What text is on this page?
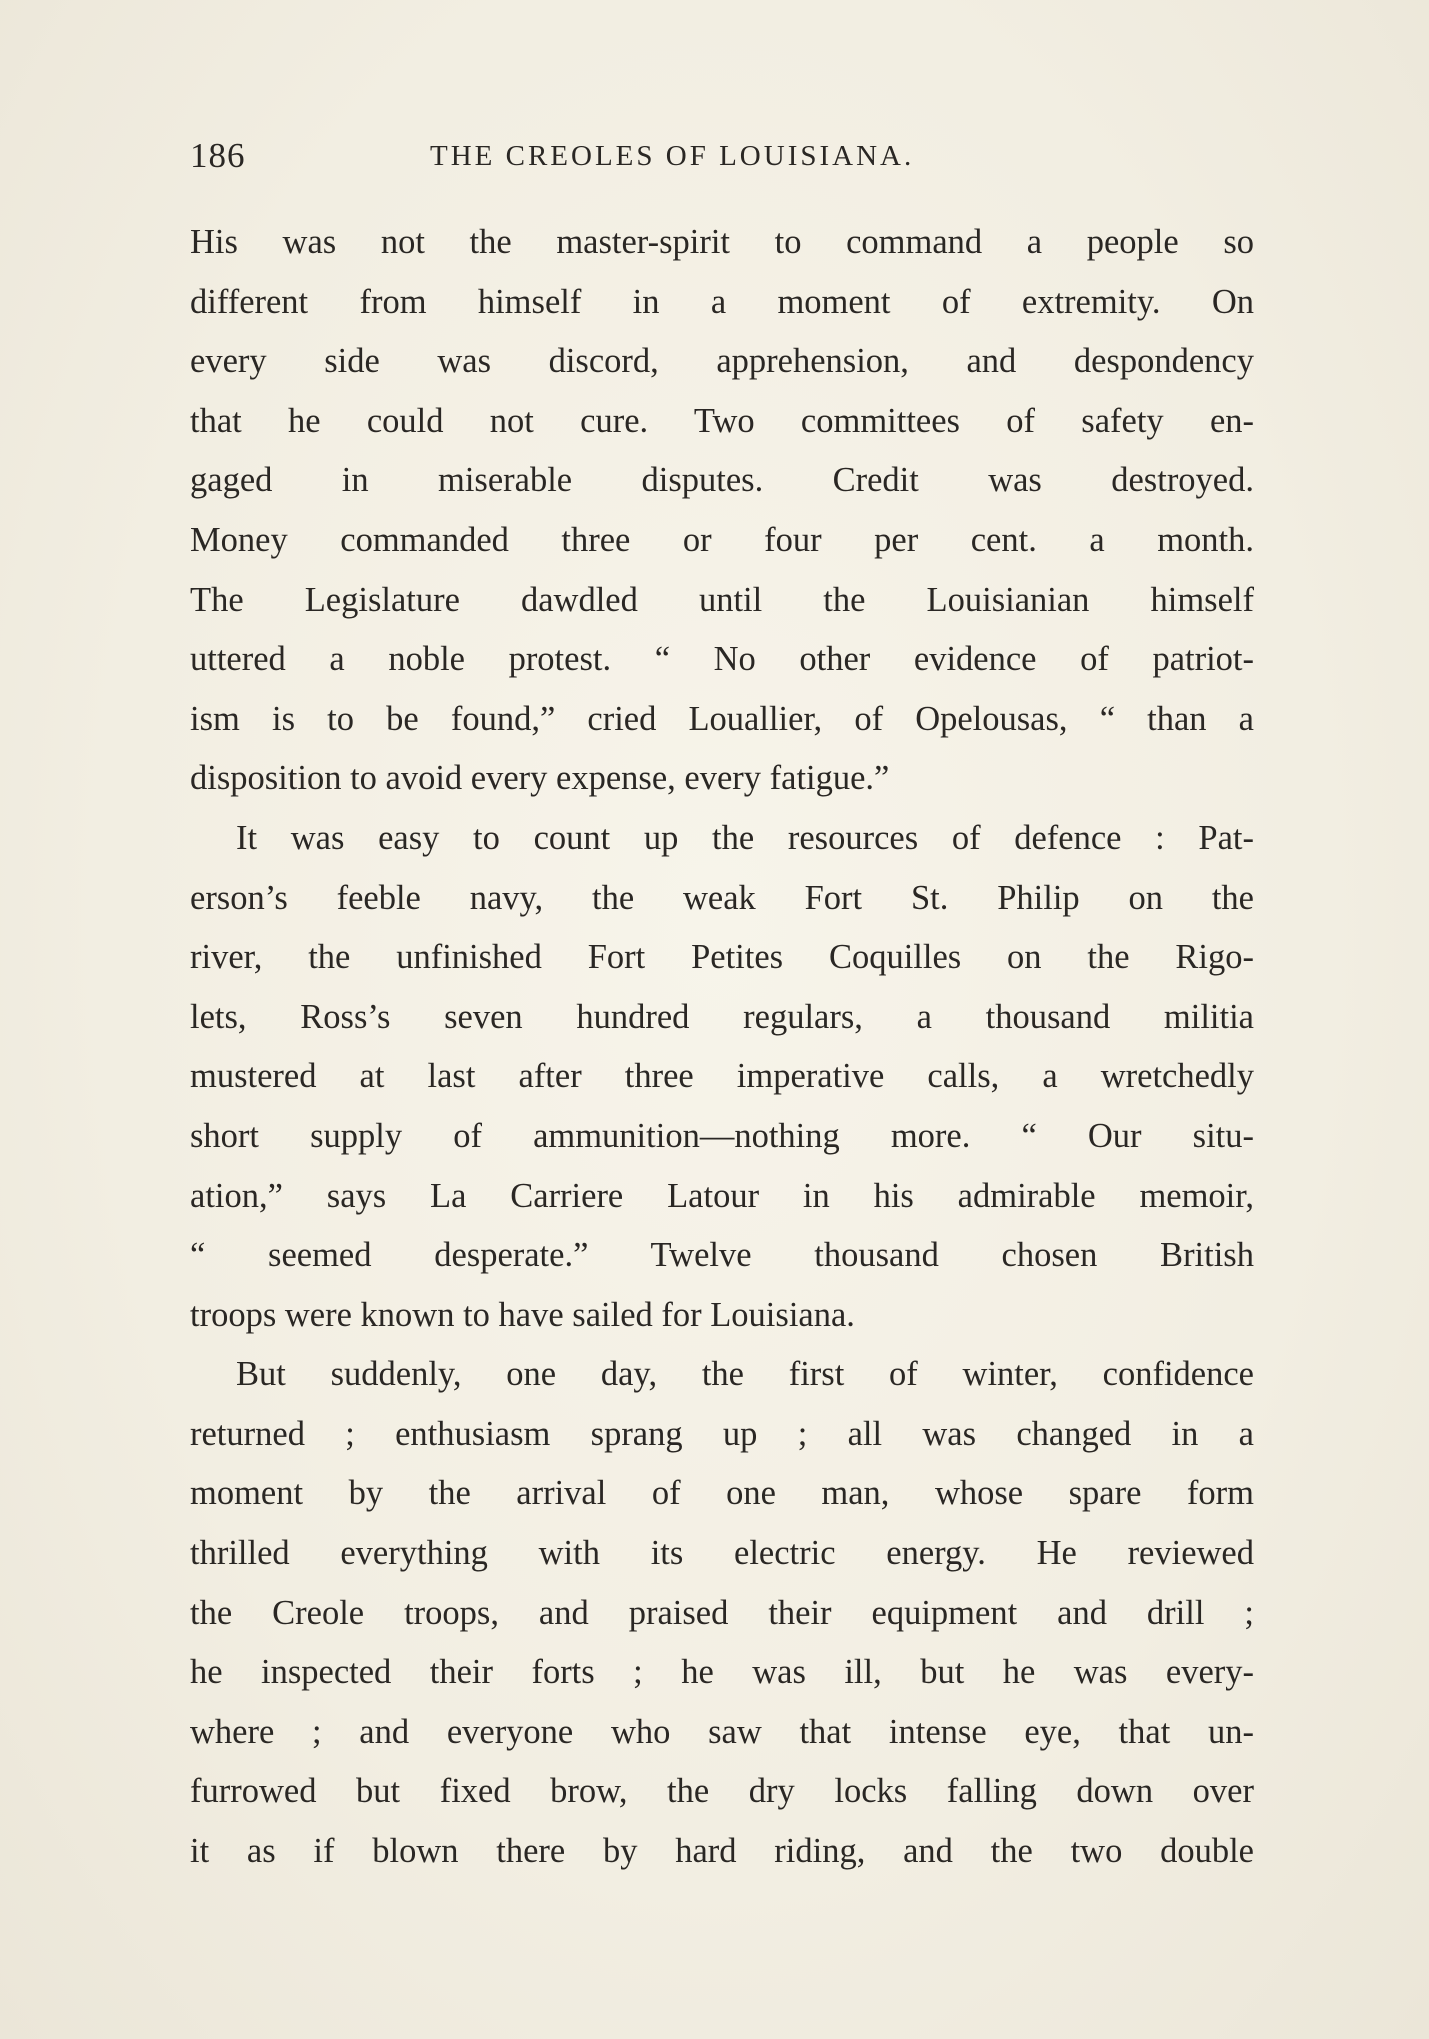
186	THE CREOLES OF LOUISIANA.
His was not the master-spirit to command a people so
different from himself in a moment of extremity. On
every side was discord, apprehension, and despondency
that he could not cure. Two committees of safety en-
gaged in miserable disputes. Credit was destroyed.
Money commanded three or four per cent. a month.
The Legislature dawdled until the Louisianian himself
uttered a noble protest. “ No other evidence of patriot-
ism is to be found,” cried Louallier, of Opelousas, “ than a
disposition to avoid every expense, every fatigue.”
It was easy to count up the resources of defence : Pat-
erson’s feeble navy, the weak Fort St. Philip on the
river, the unfinished Fort Petites Coquilles on the Rigo-
lets, Ross’s seven hundred regulars, a thousand militia
mustered at last after three imperative calls, a wretchedly
short supply of ammunition—nothing more. “ Our situ-
ation,” says La Carriere Latour in his admirable memoir,
“ seemed desperate.” Twelve thousand chosen British
troops were known to have sailed for Louisiana.
But suddenly, one day, the first of winter, confidence
returned ; enthusiasm sprang up ; all was changed in a
moment by the arrival of one man, whose spare form
thrilled everything with its electric energy. He reviewed
the Creole troops, and praised their equipment and drill ;
he inspected their forts ; he was ill, but he was every-
where ; and everyone who saw that intense eye, that un-
furrowed but fixed brow, the dry locks falling down over
it as if blown there by hard riding, and the two double
